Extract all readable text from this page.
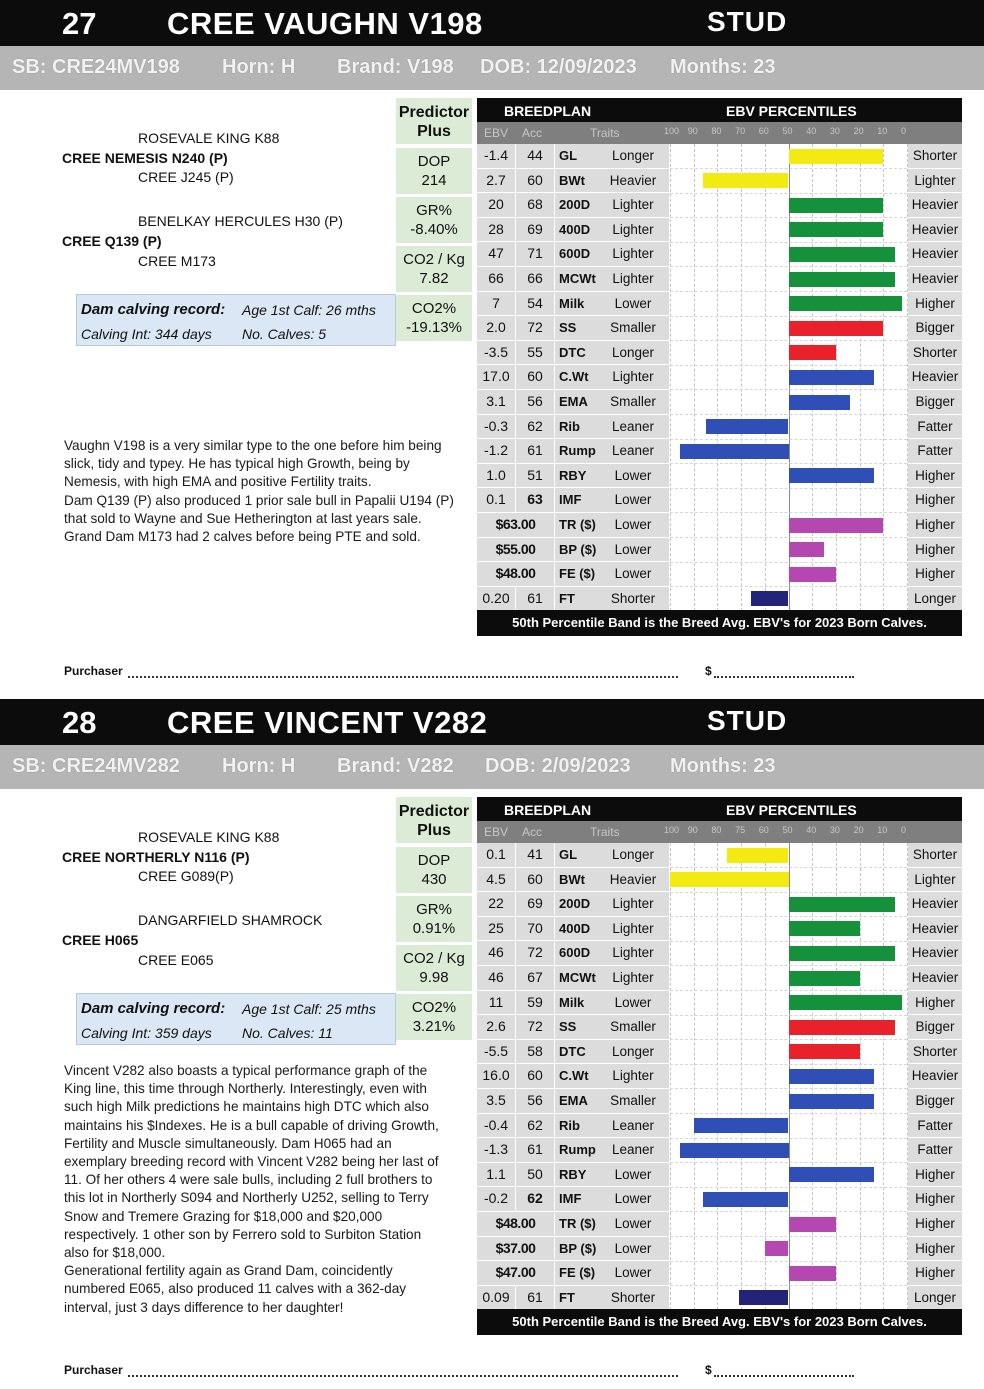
27 CREE VAUGHN V198	STUD
SB: CRE24MV198 Horn: H Brand: V198 DOB: 12/09/2023 Months: 23
ROSEVALE KING K88
CREE NEMESIS N240 (P)
CREE J245 (P)
BENELKAY HERCULES H30 (P)
CREE Q139 (P)
CREE M173
Predictor Plus
DOP
214
GR%
-8.40%
CO2 / Kg
7.82
CO2%
-19.13%
Dam calving record: Age 1st Calf: 26 mths
Calving Int: 344 days No. Calves: 5
Vaughn V198 is a very similar type to the one before him being
slick, tidy and typey. He has typical high Growth, being by
Nemesis, with high EMA and positive Fertility traits.
Dam Q139 (P) also produced 1 prior sale bull in Papalii U194 (P)
that sold to Wayne and Sue Hetherington at last years sale.
Grand Dam M173 had 2 calves before being PTE and sold.
BREEDPLAN	EBV PERCENTILES
EBV Acc	Traits	100 90 80 70 60 50 40 30 20 10 0
-1.4	44	GL	Longer	Shorter
2.7	60	BWt	Heavier	Lighter
20	68	200D	Lighter	Heavier
28	69	400D	Lighter	Heavier
47	71	600D	Lighter	Heavier
66	66	MCWt	Lighter	Heavier
7	54	Milk	Lower	Higher
2.0	72	SS	Smaller	Bigger
-3.5	55	DTC	Longer	Shorter
17.0	60	C.Wt	Lighter	Heavier
3.1	56	EMA	Smaller	Bigger
-0.3	62	Rib	Leaner	Fatter
-1.2	61	Rump	Leaner	Fatter
1.0	51	RBY	Lower	Higher
0.1	63	IMF	Lower	Higher
$63.00	TR ($)	Lower	Higher
$55.00	BP ($)	Lower	Higher
$48.00	FE ($)	Lower	Higher
0.20	61	FT	Shorter	Longer
50th Percentile Band is the Breed Avg. EBV's for 2023 Born Calves.
Purchaser	$
28 CREE VINCENT V282	STUD
SB: CRE24MV282 Horn: H Brand: V282 DOB: 2/09/2023 Months: 23
ROSEVALE KING K88
CREE NORTHERLY N116 (P)
CREE G089(P)
DANGARFIELD SHAMROCK
CREE H065
CREE E065
Predictor Plus
DOP
430
GR%
0.91%
CO2 / Kg
9.98
CO2%
3.21%
Dam calving record: Age 1st Calf: 25 mths
Calving Int: 359 days No. Calves: 11
Vincent V282 also boasts a typical performance graph of the
King line, this time through Northerly. Interestingly, even with
such high Milk predictions he maintains high DTC which also
maintains his $Indexes. He is a bull capable of driving Growth,
Fertility and Muscle simultaneously. Dam H065 had an
exemplary breeding record with Vincent V282 being her last of
11. Of her others 4 were sale bulls, including 2 full brothers to
this lot in Northerly S094 and Northerly U252, selling to Terry
Snow and Tremere Grazing for $18,000 and $20,000
respectively. 1 other son by Ferrero sold to Surbiton Station
also for $18,000.
Generational fertility again as Grand Dam, coincidently
numbered E065, also produced 11 calves with a 362-day
interval, just 3 days difference to her daughter!
BREEDPLAN	EBV PERCENTILES
EBV Acc	Traits	100 90 80 75 60 50 40 30 20 10 0
0.1	41	GL	Longer	Shorter
4.5	60	BWt	Heavier	Lighter
22	69	200D	Lighter	Heavier
25	70	400D	Lighter	Heavier
46	72	600D	Lighter	Heavier
46	67	MCWt	Lighter	Heavier
11	59	Milk	Lower	Higher
2.6	72	SS	Smaller	Bigger
-5.5	58	DTC	Longer	Shorter
16.0	60	C.Wt	Lighter	Heavier
3.5	56	EMA	Smaller	Bigger
-0.4	62	Rib	Leaner	Fatter
-1.3	61	Rump	Leaner	Fatter
1.1	50	RBY	Lower	Higher
-0.2	62	IMF	Lower	Higher
$48.00	TR ($)	Lower	Higher
$37.00	BP ($)	Lower	Higher
$47.00	FE ($)	Lower	Higher
0.09	61	FT	Shorter	Longer
50th Percentile Band is the Breed Avg. EBV's for 2023 Born Calves.
Purchaser	$
